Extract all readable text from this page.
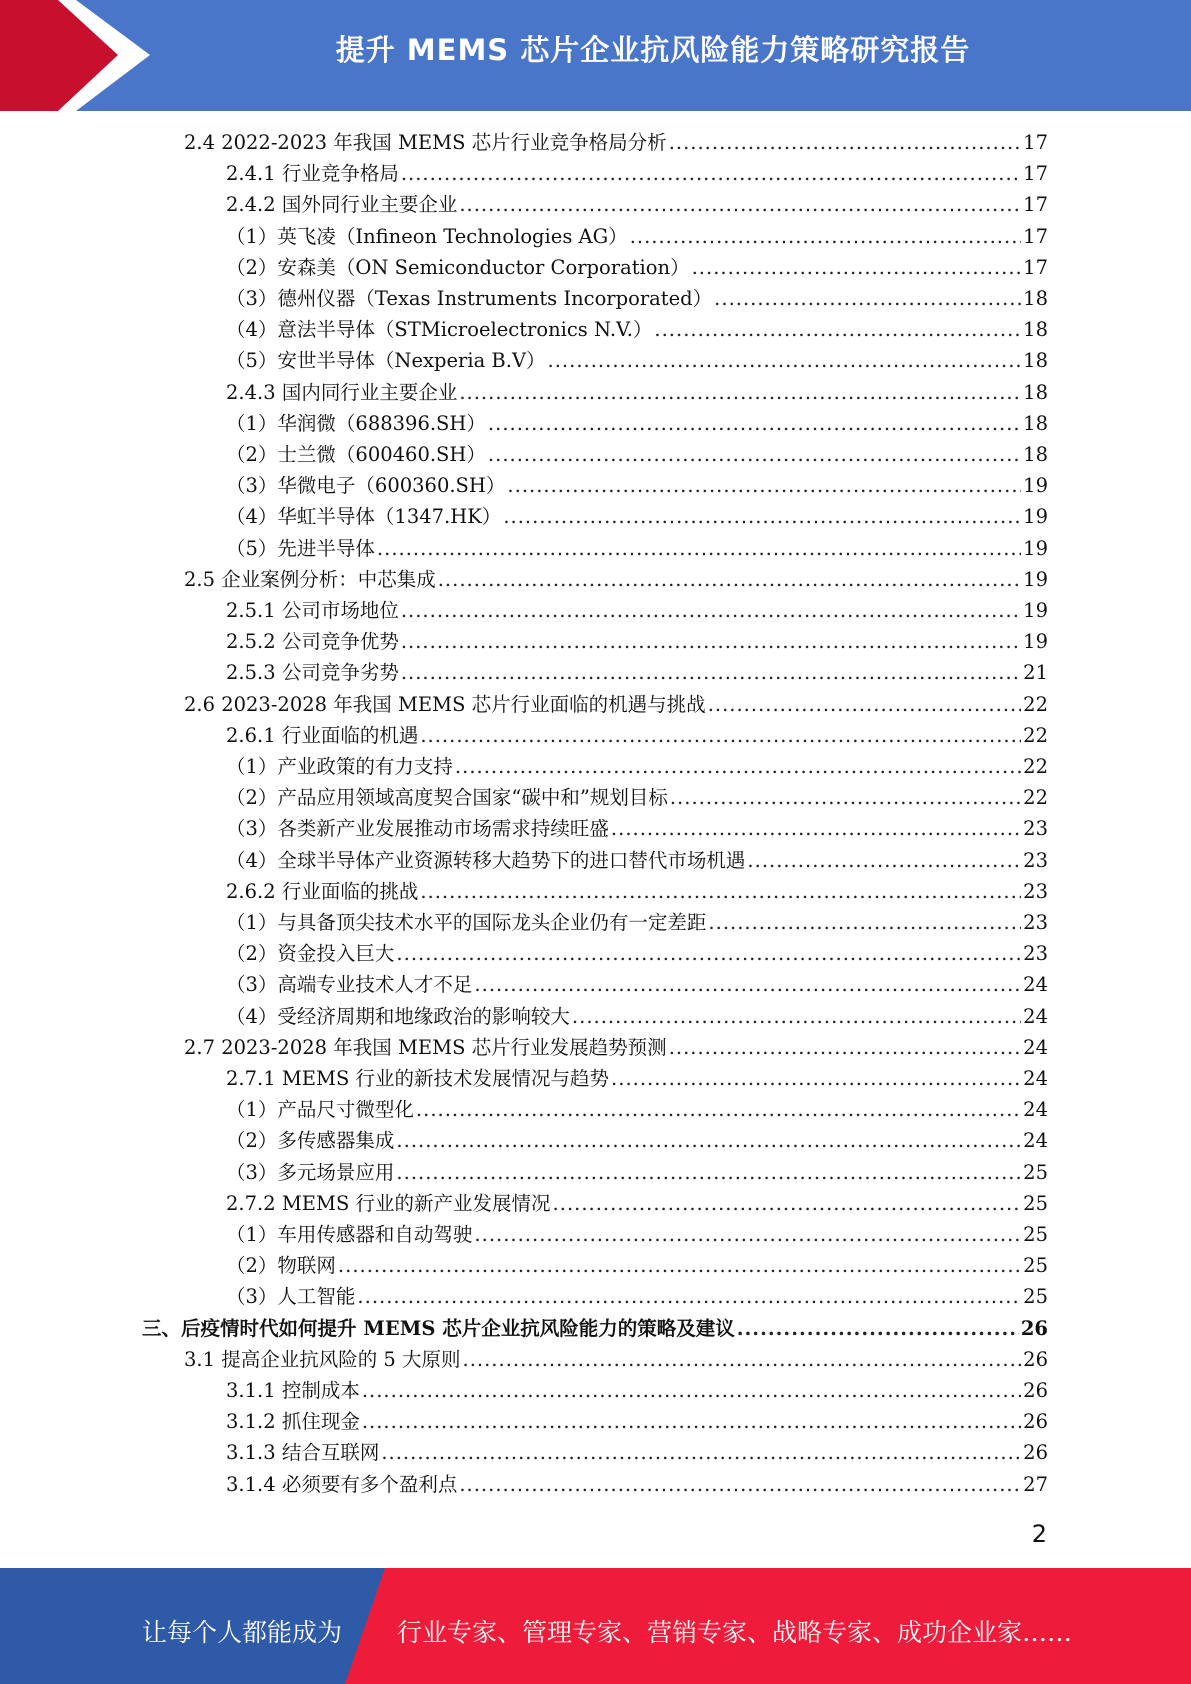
提升 MEMS 芯片企业抗风险能力策略研究报告
2.4 2022-2023 年我国 MEMS 芯片行业竞争格局分析 .....	17
2.4.1 行业竞争格局 .....	17
2.4.2 国外同行业主要企业 .....	17
（1）英飞凌（Infineon Technologies AG） .....	17
（2）安森美（ON Semiconductor Corporation） .....	17
（3）德州仪器（Texas Instruments Incorporated） .....	18
（4）意法半导体（STMicroelectronics N.V.） .....	18
（5）安世半导体（Nexperia B.V） .....	18
2.4.3 国内同行业主要企业 .....	18
（1）华润微（688396.SH） .....	18
（2）士兰微（600460.SH） .....	18
（3）华微电子（600360.SH） .....	19
（4）华虹半导体（1347.HK） .....	19
（5）先进半导体 .....	19
2.5 企业案例分析：中芯集成 .....	19
2.5.1 公司市场地位 .....	19
2.5.2 公司竞争优势 .....	19
2.5.3 公司竞争劣势 .....	21
2.6 2023-2028 年我国 MEMS 芯片行业面临的机遇与挑战 .....	22
2.6.1 行业面临的机遇 .....	22
（1）产业政策的有力支持 .....	22
（2）产品应用领域高度契合国家“碳中和”规划目标 .....	22
（3）各类新产业发展推动市场需求持续旺盛 .....	23
（4）全球半导体产业资源转移大趋势下的进口替代市场机遇 .....	23
2.6.2 行业面临的挑战 .....	23
（1）与具备顶尖技术水平的国际龙头企业仍有一定差距 .....	23
（2）资金投入巨大 .....	23
（3）高端专业技术人才不足 .....	24
（4）受经济周期和地缘政治的影响较大 .....	24
2.7 2023-2028 年我国 MEMS 芯片行业发展趋势预测 .....	24
2.7.1 MEMS 行业的新技术发展情况与趋势 .....	24
（1）产品尺寸微型化 .....	24
（2）多传感器集成 .....	24
（3）多元场景应用 .....	25
2.7.2 MEMS 行业的新产业发展情况 .....	25
（1）车用传感器和自动驾驶 .....	25
（2）物联网 .....	25
（3）人工智能 .....	25
三、后疫情时代如何提升 MEMS 芯片企业抗风险能力的策略及建议 .....	26
3.1 提高企业抗风险的 5 大原则 .....	26
3.1.1 控制成本 .....	26
3.1.2 抓住现金 .....	26
3.1.3 结合互联网 .....	26
3.1.4 必须要有多个盈利点 .....	27
2
让每个人都能成为 行业专家、管理专家、营销专家、战略专家、成功企业家……
